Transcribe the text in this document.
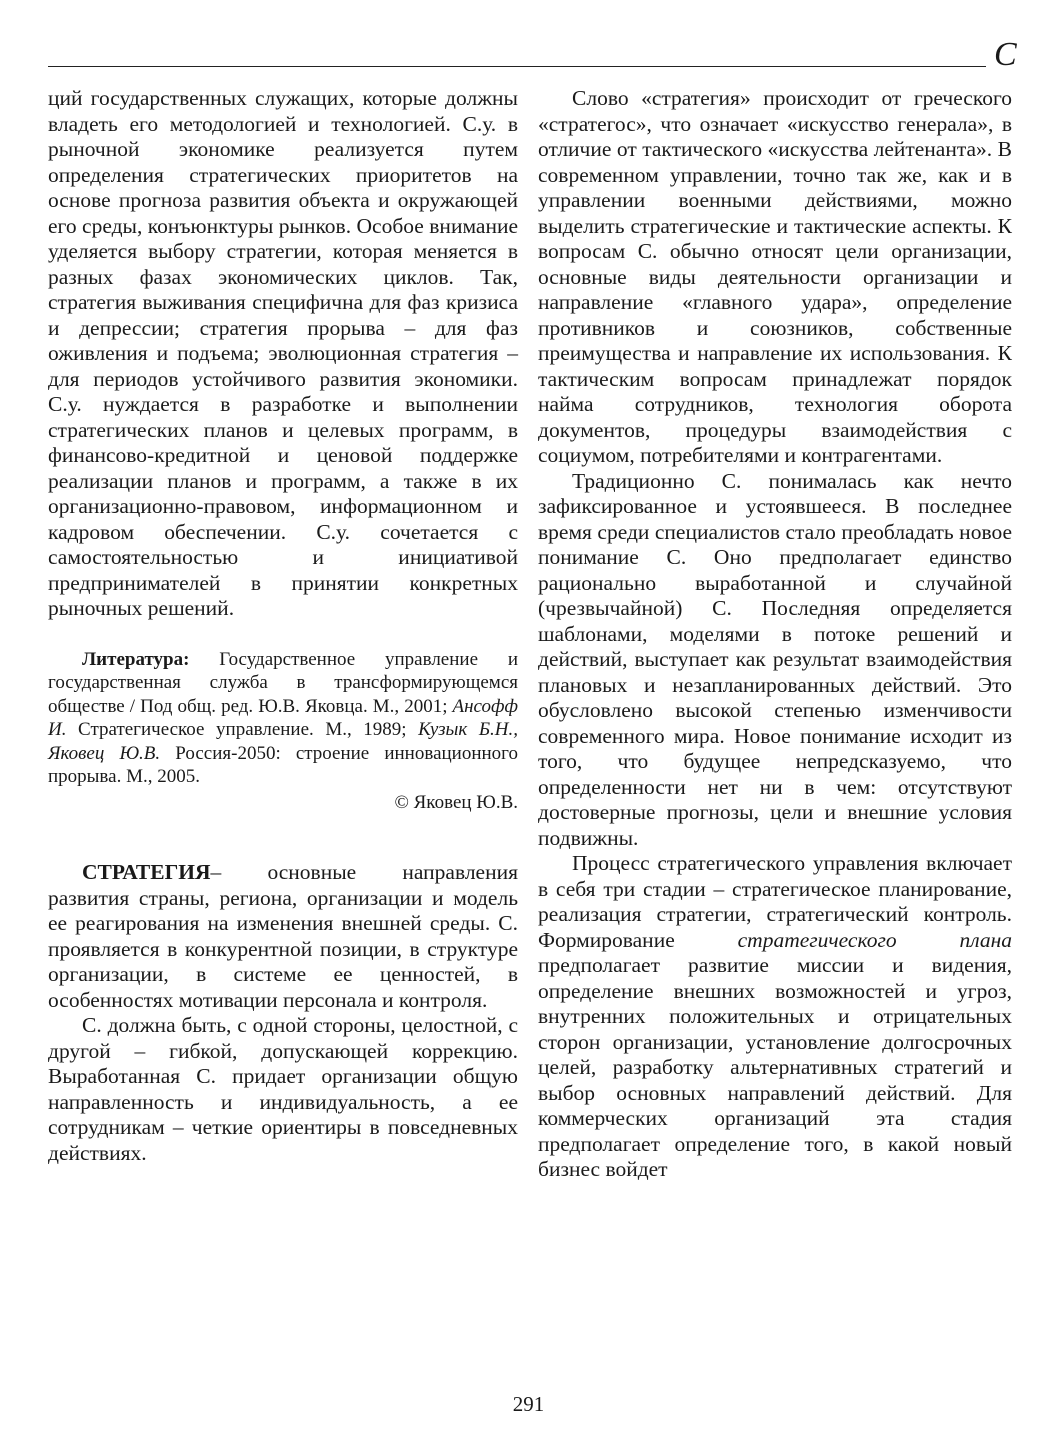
С

ций государственных служащих, которые должны владеть его методологией и технологией. С.у. в рыночной экономике реализуется путем определения стратегических приоритетов на основе прогноза развития объекта и окружающей его среды, конъюнктуры рынков. Особое внимание уделяется выбору стратегии, которая меняется в разных фазах экономических циклов. Так, стратегия выживания специфична для фаз кризиса и депрессии; стратегия прорыва – для фаз оживления и подъема; эволюционная стратегия – для периодов устойчивого развития экономики. С.у. нуждается в разработке и выполнении стратегических планов и целевых программ, в финансово-кредитной и ценовой поддержке реализации планов и программ, а также в их организационно-правовом, информационном и кадровом обеспечении. С.у. сочетается с самостоятельностью и инициативой предпринимателей в принятии конкретных рыночных решений.

Литература: Государственное управление и государственная служба в трансформирующемся обществе / Под общ. ред. Ю.В. Яковца. М., 2001; Ансофф И. Стратегическое управление. М., 1989; Кузык Б.Н., Яковец Ю.В. Россия-2050: строение инновационного прорыва. М., 2005.

© Яковец Ю.В.

СТРАТЕГИЯ– основные направления развития страны, региона, организации и модель ее реагирования на изменения внешней среды. С. проявляется в конкурентной позиции, в структуре организации, в системе ее ценностей, в особенностях мотивации персонала и контроля.

С. должна быть, с одной стороны, целостной, с другой – гибкой, допускающей коррекцию. Выработанная С. придает организации общую направленность и индивидуальность, а ее сотрудникам – четкие ориентиры в повседневных действиях.

Слово «стратегия» происходит от греческого «стратегос», что означает «искусство генерала», в отличие от тактического «искусства лейтенанта». В современном управлении, точно так же, как и в управлении военными действиями, можно выделить стратегические и тактические аспекты. К вопросам С. обычно относят цели организации, основные виды деятельности организации и направление «главного удара», определение противников и союзников, собственные преимущества и направление их использования. К тактическим вопросам принадлежат порядок найма сотрудников, технология оборота документов, процедуры взаимодействия с социумом, потребителями и контрагентами.

Традиционно С. понималась как нечто зафиксированное и устоявшееся. В последнее время среди специалистов стало преобладать новое понимание С. Оно предполагает единство рационально выработанной и случайной (чрезвычайной) С. Последняя определяется шаблонами, моделями в потоке решений и действий, выступает как результат взаимодействия плановых и незапланированных действий. Это обусловлено высокой степенью изменчивости современного мира. Новое понимание исходит из того, что будущее непредсказуемо, что определенности нет ни в чем: отсутствуют достоверные прогнозы, цели и внешние условия подвижны.

Процесс стратегического управления включает в себя три стадии – стратегическое планирование, реализация стратегии, стратегический контроль. Формирование	стратегического плана предполагает развитие миссии и видения, определение внешних возможностей и угроз, внутренних положительных и отрицательных сторон организации, установление долгосрочных целей, разработку альтернативных стратегий и выбор основных направлений действий. Для коммерческих организаций эта стадия предполагает определение того, в какой новый бизнес войдет

291
